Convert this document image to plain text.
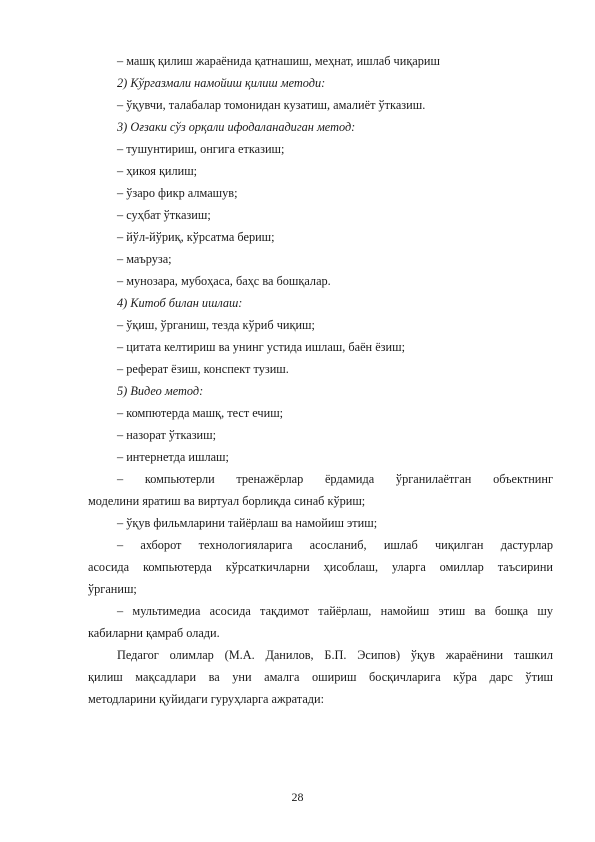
– машқ қилиш жараёнида қатнашиш, меҳнат, ишлаб чиқариш
2) Кўргазмали намойиш қилиш методи:
– ўқувчи, талабалар томонидан кузатиш, амалиёт ўтказиш.
3) Оғзаки сўз орқали ифодаланадиган метод:
– тушунтириш, онгига етказиш;
– ҳикоя қилиш;
– ўзаро фикр алмашув;
– суҳбат ўтказиш;
– йўл-йўриқ, кўрсатма бериш;
– маъруза;
– мунозара, мубоҳаса, баҳс ва бошқалар.
4) Китоб билан ишлаш:
– ўқиш, ўрганиш, тезда кўриб чиқиш;
– цитата келтириш ва унинг устида ишлаш, баён ёзиш;
– реферат ёзиш, конспект тузиш.
5) Видео метод:
– компютерда машқ, тест ечиш;
– назорат ўтказиш;
– интернетда ишлаш;
– компьютерли тренажёрлар ёрдамида ўрганилаётган объектнинг
моделини яратиш ва виртуал борлиқда синаб кўриш;
– ўқув фильмларини тайёрлаш ва намойиш этиш;
– ахборот технологияларига асосланиб, ишлаб чиқилган дастурлар
асосида компьютерда кўрсаткичларни ҳисоблаш, уларга омиллар таъсирини
ўрганиш;
– мультимедиа асосида тақдимот тайёрлаш, намойиш этиш ва бошқа шу
кабиларни қамраб олади.
Педагог олимлар (М.А. Данилов, Б.П. Эсипов) ўқув жараёнини ташкил
қилиш мақсадлари ва уни амалга ошириш босқичларига кўра дарс ўтиш
методларини қуйидаги гуруҳларга ажратади:
28
